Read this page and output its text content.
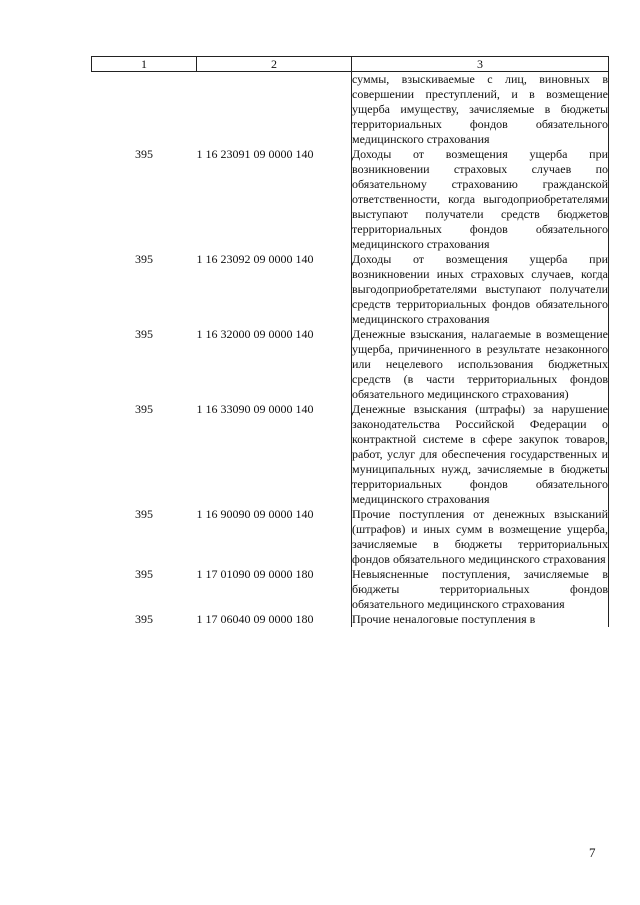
1	2	3
		суммы, взыскиваемые с лиц, виновных в совершении преступлений, и в возмещение ущерба имуществу, зачисляемые в бюджеты территориальных фондов обязательного медицинского страхования
395	1 16 23091 09 0000 140	Доходы от возмещения ущерба при возникновении страховых случаев по обязательному страхованию гражданской ответственности, когда выгодоприобретателями выступают получатели средств бюджетов территориальных фондов обязательного медицинского страхования
395	1 16 23092 09 0000 140	Доходы от возмещения ущерба при возникновении иных страховых случаев, когда выгодоприобретателями выступают получатели средств территориальных фондов обязательного медицинского страхования
395	1 16 32000 09 0000 140	Денежные взыскания, налагаемые в возмещение ущерба, причиненного в результате незаконного или нецелевого использования бюджетных средств (в части территориальных фондов обязательного медицинского страхования)
395	1 16 33090 09 0000 140	Денежные взыскания (штрафы) за нарушение законодательства Российской Федерации о контрактной системе в сфере закупок товаров, работ, услуг для обеспечения государственных и муниципальных нужд, зачисляемые в бюджеты территориальных фондов обязательного медицинского страхования
395	1 16 90090 09 0000 140	Прочие поступления от денежных взысканий (штрафов) и иных сумм в возмещение ущерба, зачисляемые в бюджеты территориальных фондов обязательного медицинского страхования
395	1 17 01090 09 0000 180	Невыясненные поступления, зачисляемые в бюджеты территориальных фондов обязательного медицинского страхования
395	1 17 06040 09 0000 180	Прочие неналоговые поступления в
7
